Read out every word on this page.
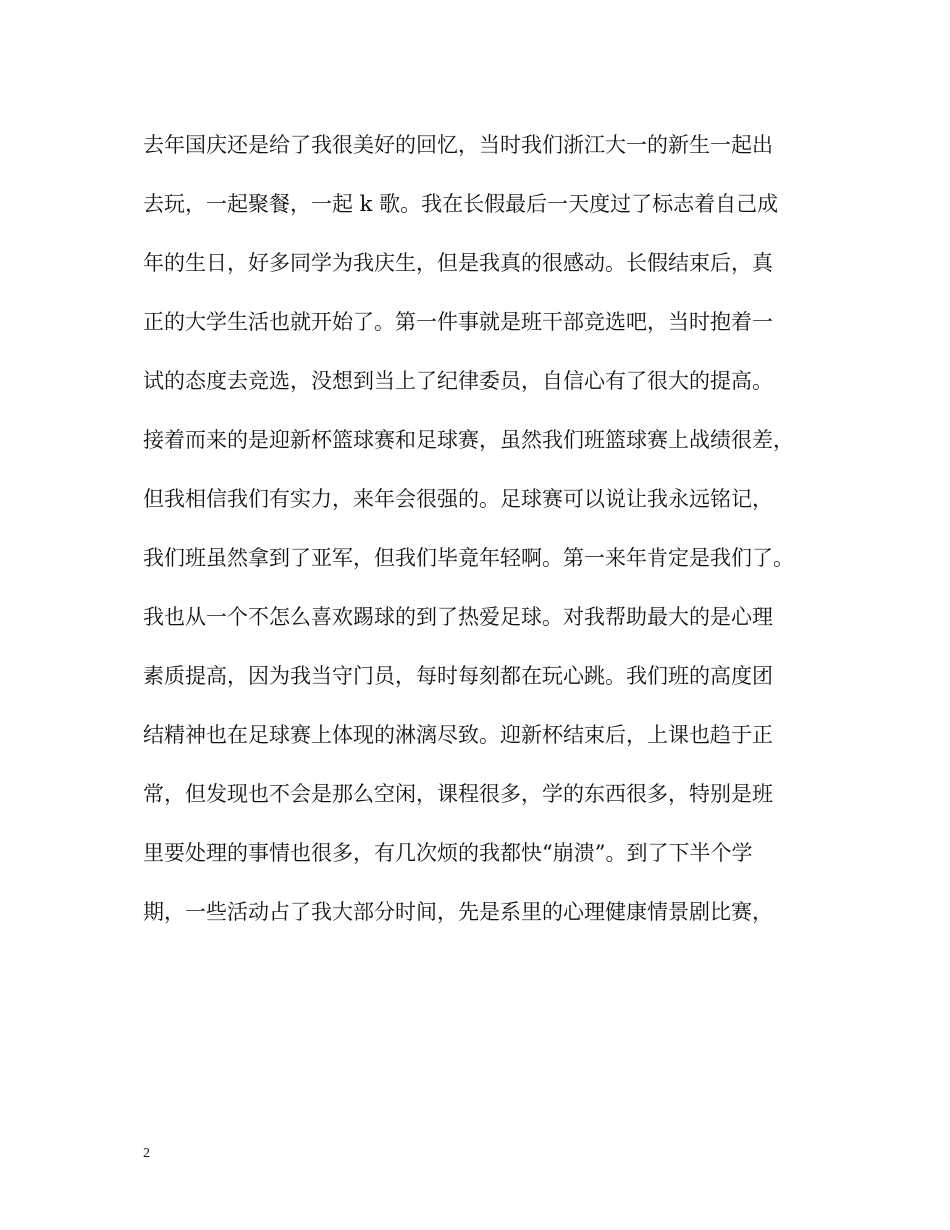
去年国庆还是给了我很美好的回忆，当时我们浙江大一的新生一起出
去玩，一起聚餐，一起 k 歌。我在长假最后一天度过了标志着自己成
年的生日，好多同学为我庆生，但是我真的很感动。长假结束后，真
正的大学生活也就开始了。第一件事就是班干部竞选吧，当时抱着一
试的态度去竞选，没想到当上了纪律委员，自信心有了很大的提高。
接着而来的是迎新杯篮球赛和足球赛，虽然我们班篮球赛上战绩很差，
但我相信我们有实力，来年会很强的。足球赛可以说让我永远铭记，
我们班虽然拿到了亚军，但我们毕竟年轻啊。第一来年肯定是我们了。
我也从一个不怎么喜欢踢球的到了热爱足球。对我帮助最大的是心理
素质提高，因为我当守门员，每时每刻都在玩心跳。我们班的高度团
结精神也在足球赛上体现的淋漓尽致。迎新杯结束后，上课也趋于正
常，但发现也不会是那么空闲，课程很多，学的东西很多，特别是班
里要处理的事情也很多，有几次烦的我都快“崩溃”。到了下半个学
期，一些活动占了我大部分时间，先是系里的心理健康情景剧比赛，
2
